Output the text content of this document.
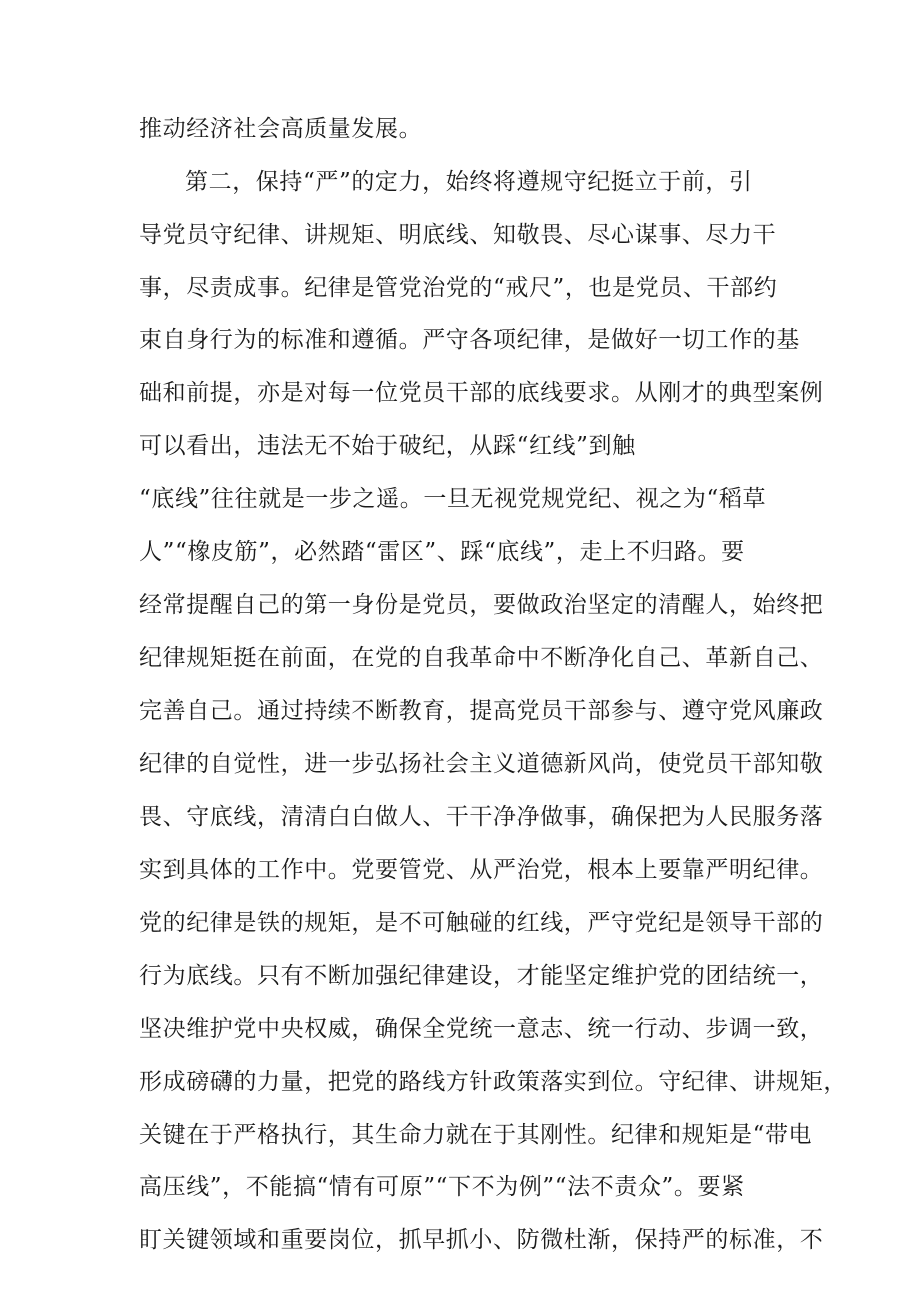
推动经济社会高质量发展。
第二，保持“严”的定力，始终将遵规守纪挺立于前，引
导党员守纪律、讲规矩、明底线、知敬畏、尽心谋事、尽力干
事，尽责成事。纪律是管党治党的“戒尺”，也是党员、干部约
束自身行为的标准和遵循。严守各项纪律，是做好一切工作的基
础和前提，亦是对每一位党员干部的底线要求。从刚才的典型案例
可以看出，违法无不始于破纪，从踩“红线”到触
“底线”往往就是一步之遥。一旦无视党规党纪、视之为“稻草
人”“橡皮筋”，必然踏“雷区”、踩“底线”，走上不归路。要
经常提醒自己的第一身份是党员，要做政治坚定的清醒人，始终把
纪律规矩挺在前面，在党的自我革命中不断净化自己、革新自己、
完善自己。通过持续不断教育，提高党员干部参与、遵守党风廉政
纪律的自觉性，进一步弘扬社会主义道德新风尚，使党员干部知敬
畏、守底线，清清白白做人、干干净净做事，确保把为人民服务落
实到具体的工作中。党要管党、从严治党，根本上要靠严明纪律。
党的纪律是铁的规矩，是不可触碰的红线，严守党纪是领导干部的
行为底线。只有不断加强纪律建设，才能坚定维护党的团结统一，
坚决维护党中央权威，确保全党统一意志、统一行动、步调一致，
形成磅礴的力量，把党的路线方针政策落实到位。守纪律、讲规矩，
关键在于严格执行，其生命力就在于其刚性。纪律和规矩是“带电
高压线”，不能搞“情有可原”“下不为例”“法不责众”。要紧
盯关键领域和重要岗位，抓早抓小、防微杜渐，保持严的标准，不
